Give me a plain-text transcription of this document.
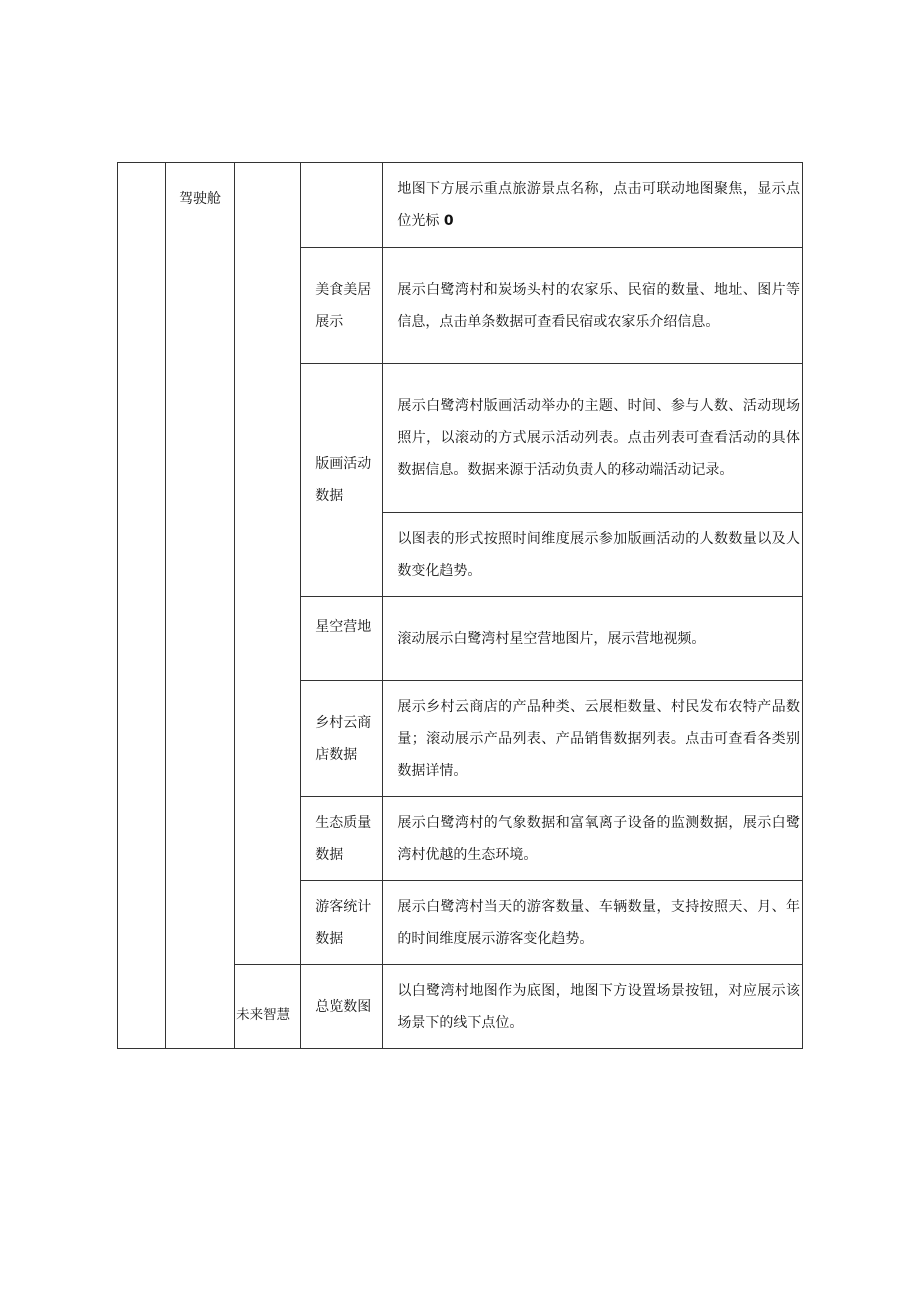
	驾驶舱			地图下方展示重点旅游景点名称，点击可联动地图聚焦，显示点位光标 0
			美食美居展示	展示白鹭湾村和炭场头村的农家乐、民宿的数量、地址、图片等信息，点击单条数据可查看民宿或农家乐介绍信息。
			版画活动数据	展示白鹭湾村版画活动举办的主题、时间、参与人数、活动现场照片，以滚动的方式展示活动列表。点击列表可查看活动的具体数据信息。数据来源于活动负责人的移动端活动记录。
				以图表的形式按照时间维度展示参加版画活动的人数数量以及人数变化趋势。
			星空营地	滚动展示白鹭湾村星空营地图片，展示营地视频。
			乡村云商店数据	展示乡村云商店的产品种类、云展柜数量、村民发布农特产品数量；滚动展示产品列表、产品销售数据列表。点击可查看各类别数据详情。
			生态质量数据	展示白鹭湾村的气象数据和富氧离子设备的监测数据，展示白鹭湾村优越的生态环境。
			游客统计数据	展示白鹭湾村当天的游客数量、车辆数量，支持按照天、月、年的时间维度展示游客变化趋势。
		未来智慧	总览数图	以白鹭湾村地图作为底图，地图下方设置场景按钮，对应展示该场景下的线下点位。
